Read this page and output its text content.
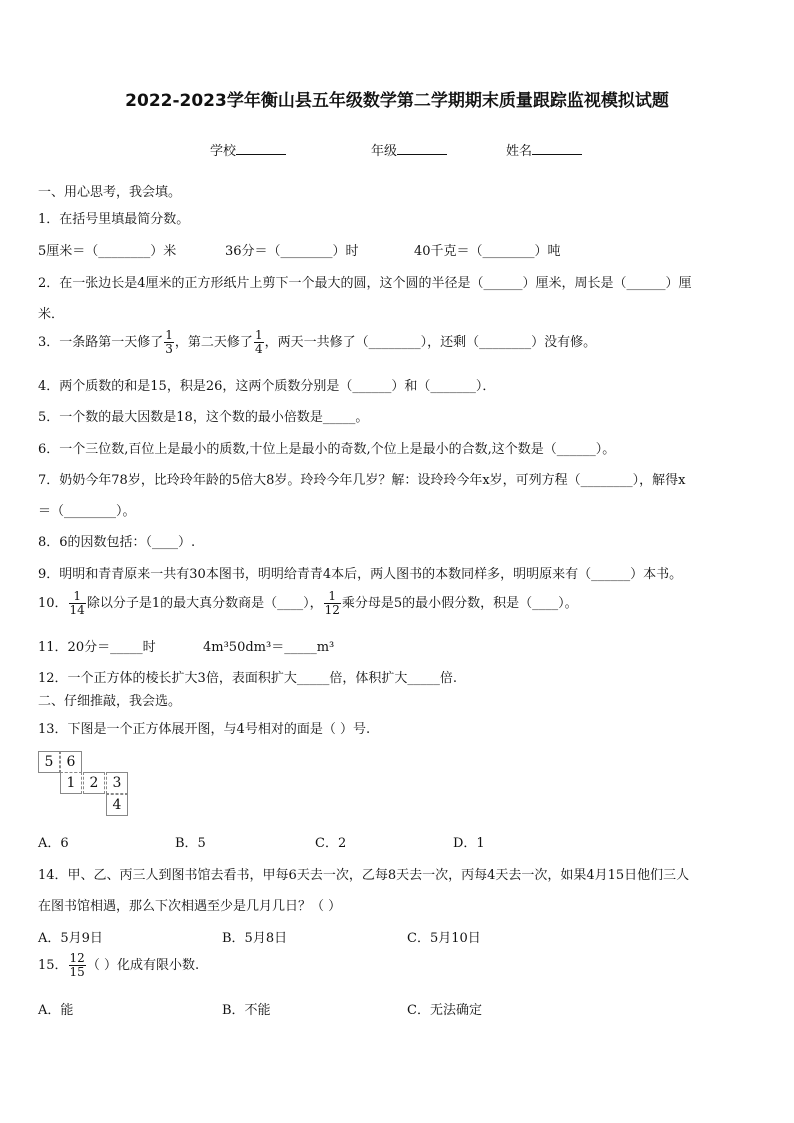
2022-2023学年衡山县五年级数学第二学期期末质量跟踪监视模拟试题
学校	年级	姓名
一、用心思考，我会填。
1．在括号里填最简分数。
5厘米＝（________）米	36分＝（________）时	40千克＝（________）吨
2．在一张边长是4厘米的正方形纸片上剪下一个最大的圆，这个圆的半径是（______）厘米，周长是（______）厘
米．
3．一条路第一天修了 $\frac{1}{3}$ ，第二天修了 $\frac{1}{4}$ ，两天一共修了（________），还剩（________）没有修。
4．两个质数的和是15，积是26，这两个质数分别是（______）和（_______）．
5．一个数的最大因数是18，这个数的最小倍数是_____。
6．一个三位数,百位上是最小的质数,十位上是最小的奇数,个位上是最小的合数,这个数是（______）。
7．奶奶今年78岁，比玲玲年龄的5倍大8岁。玲玲今年几岁？解：设玲玲今年x岁，可列方程（________），解得x
＝（________）。
8．6的因数包括：（____）.
9．明明和青青原来一共有30本图书，明明给青青4本后，两人图书的本数同样多，明明原来有（______）本书。
10． $\frac{1}{14}$ 除以分子是1的最大真分数商是（____）， $\frac{1}{12}$ 乘分母是5的最小假分数，积是（____）。
11．20分＝_____时	4m³50dm³＝_____m³
12．一个正方体的棱长扩大3倍，表面积扩大_____倍，体积扩大_____倍.
二、仔细推敲，我会选。
13．下图是一个正方体展开图，与4号相对的面是（ ）号.
5 6
1	2	3
4
A．6	B．5	C．2	D．1
14．甲、乙、丙三人到图书馆去看书，甲每6天去一次，乙每8天去一次，丙每4天去一次，如果4月15日他们三人
在图书馆相遇，那么下次相遇至少是几月几日？（ ）
A．5月9日	B．5月8日	C．5月10日
15． $\frac{12}{15}$ （ ）化成有限小数.
A．能	B．不能	C．无法确定
